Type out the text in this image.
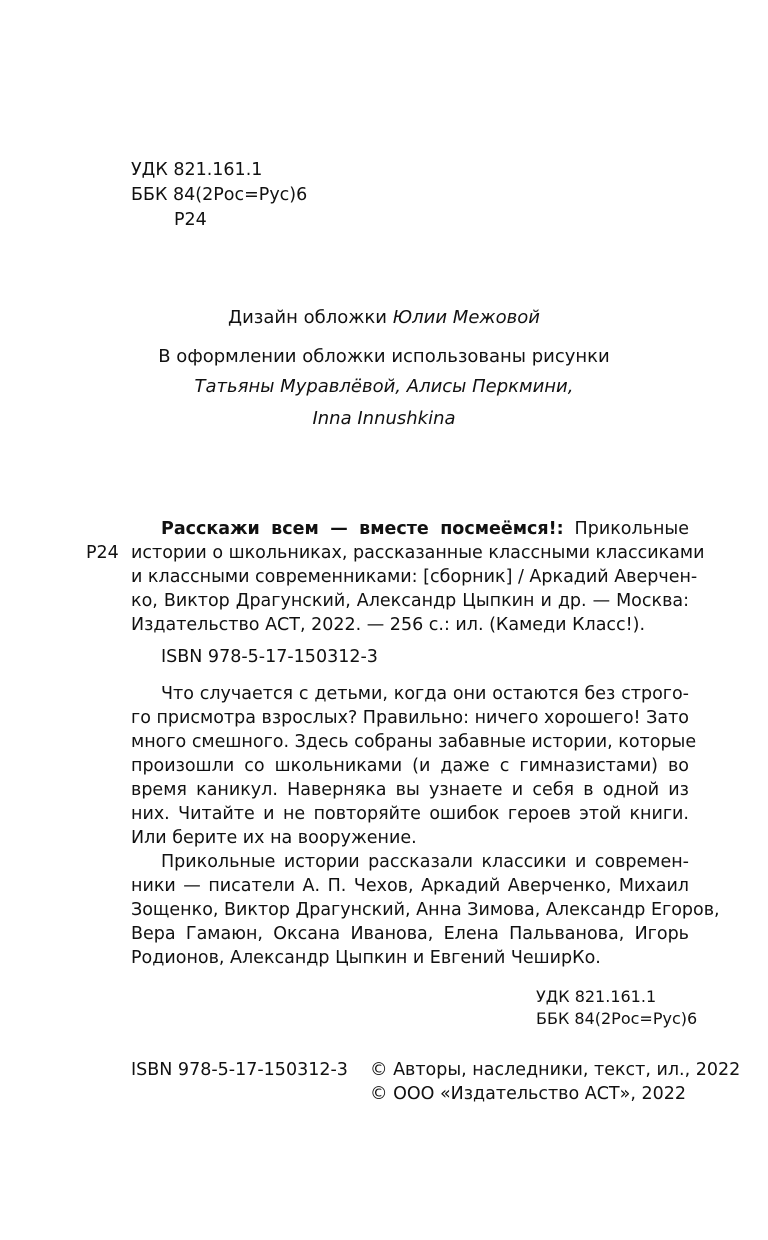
УДК 821.161.1
ББК 84(2Рос=Рус)6
Р24
Дизайн обложки Юлии Межовой
В оформлении обложки использованы рисунки
Татьяны Муравлёвой, Алисы Перкмини,
Inna Innushkina
Расскажи всем — вместе посмеёмся!: Прикольные
Р24 истории о школьниках, рассказанные классными классиками
и классными современниками: [сборник] / Аркадий Аверчен-
ко, Виктор Драгунский, Александр Цыпкин и др. — Москва:
Издательство АСТ, 2022. — 256 с.: ил. (Камеди Класс!).
ISBN 978-5-17-150312-3
Что случается с детьми, когда они остаются без строго-
го присмотра взрослых? Правильно: ничего хорошего! Зато
много смешного. Здесь собраны забавные истории, которые
произошли со школьниками (и даже с гимназистами) во
время каникул. Наверняка вы узнаете и себя в одной из
них. Читайте и не повторяйте ошибок героев этой книги.
Или берите их на вооружение.
Прикольные истории рассказали классики и современ-
ники — писатели А. П. Чехов, Аркадий Аверченко, Михаил
Зощенко, Виктор Драгунский, Анна Зимова, Александр Егоров,
Вера Гамаюн, Оксана Иванова, Елена Пальванова, Игорь
Родионов, Александр Цыпкин и Евгений ЧеширКо.
УДК 821.161.1
ББК 84(2Рос=Рус)6
ISBN 978-5-17-150312-3 © Авторы, наследники, текст, ил., 2022
© ООО «Издательство АСТ», 2022
